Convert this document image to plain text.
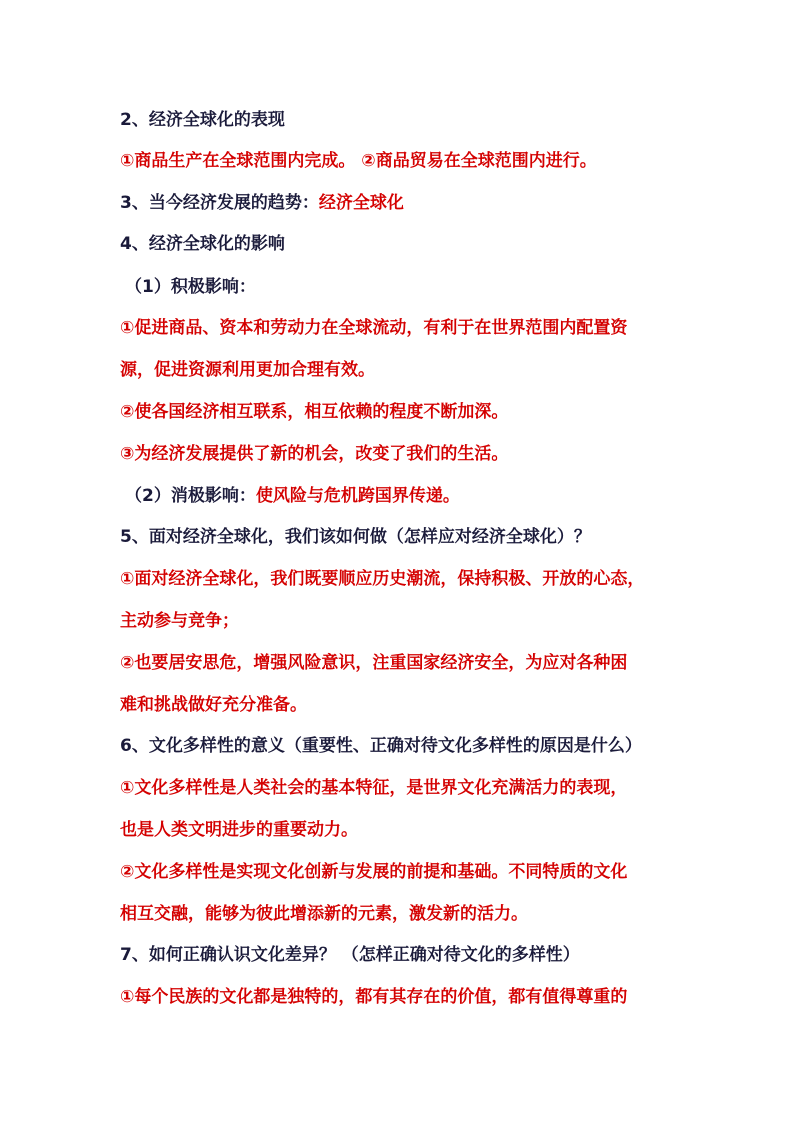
2、经济全球化的表现
①商品生产在全球范围内完成。 ②商品贸易在全球范围内进行。
3、当今经济发展的趋势：经济全球化
4、经济全球化的影响
（1）积极影响：
①促进商品、资本和劳动力在全球流动，有利于在世界范围内配置资
源，促进资源利用更加合理有效。
②使各国经济相互联系，相互依赖的程度不断加深。
③为经济发展提供了新的机会，改变了我们的生活。
（2）消极影响：使风险与危机跨国界传递。
5、面对经济全球化，我们该如何做（怎样应对经济全球化）？
①面对经济全球化，我们既要顺应历史潮流，保持积极、开放的心态，
主动参与竞争；
②也要居安思危，增强风险意识，注重国家经济安全，为应对各种困
难和挑战做好充分准备。
6、文化多样性的意义（重要性、正确对待文化多样性的原因是什么）
①文化多样性是人类社会的基本特征，是世界文化充满活力的表现，
也是人类文明进步的重要动力。
②文化多样性是实现文化创新与发展的前提和基础。不同特质的文化
相互交融，能够为彼此增添新的元素，激发新的活力。
7、如何正确认识文化差异？ （怎样正确对待文化的多样性）
①每个民族的文化都是独特的，都有其存在的价值，都有值得尊重的
